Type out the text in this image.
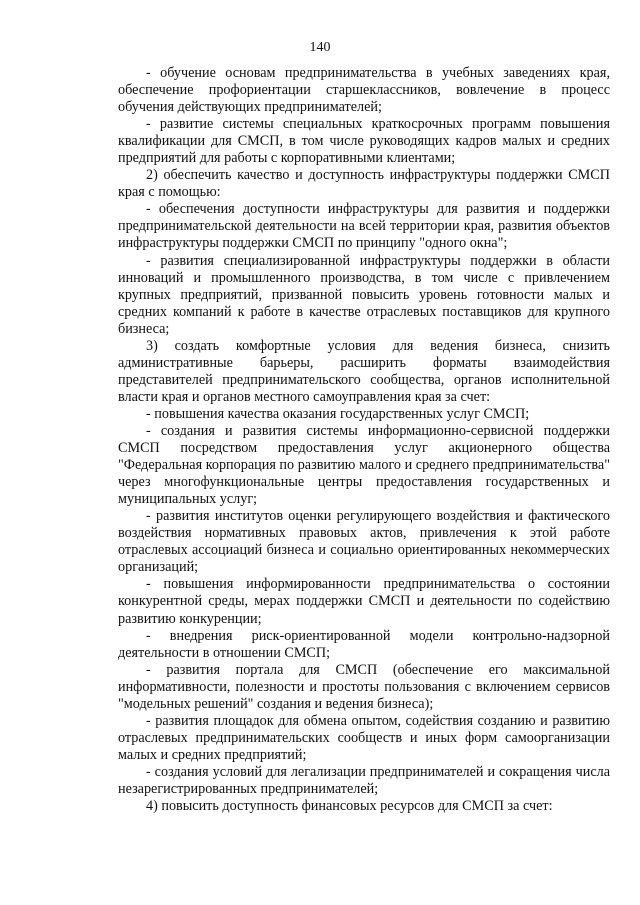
140

- обучение основам предпринимательства в учебных заведениях края, обеспечение профориентации старшеклассников, вовлечение в процесс обучения действующих предпринимателей;

- развитие системы специальных краткосрочных программ повышения квалификации для СМСП, в том числе руководящих кадров малых и средних предприятий для работы с корпоративными клиентами;

2) обеспечить качество и доступность инфраструктуры поддержки СМСП края с помощью:

- обеспечения доступности инфраструктуры для развития и поддержки предпринимательской деятельности на всей территории края, развития объектов инфраструктуры поддержки СМСП по принципу "одного окна";

- развития специализированной инфраструктуры поддержки в области инноваций и промышленного производства, в том числе с привлечением крупных предприятий, призванной повысить уровень готовности малых и средних компаний к работе в качестве отраслевых поставщиков для крупного бизнеса;

3) создать комфортные условия для ведения бизнеса, снизить административные барьеры, расширить форматы взаимодействия представителей предпринимательского сообщества, органов исполнительной власти края и органов местного самоуправления края за счет:

- повышения качества оказания государственных услуг СМСП;

- создания и развития системы информационно-сервисной поддержки СМСП посредством предоставления услуг акционерного общества "Федеральная корпорация по развитию малого и среднего предпринимательства" через многофункциональные центры предоставления государственных и муниципальных услуг;

- развития институтов оценки регулирующего воздействия и фактического воздействия нормативных правовых актов, привлечения к этой работе отраслевых ассоциаций бизнеса и социально ориентированных некоммерческих организаций;

- повышения информированности предпринимательства о состоянии конкурентной среды, мерах поддержки СМСП и деятельности по содействию развитию конкуренции;

- внедрения риск-ориентированной модели контрольно-надзорной деятельности в отношении СМСП;

- развития портала для СМСП (обеспечение его максимальной информативности, полезности и простоты пользования с включением сервисов "модельных решений" создания и ведения бизнеса);

- развития площадок для обмена опытом, содействия созданию и развитию отраслевых предпринимательских сообществ и иных форм самоорганизации малых и средних предприятий;

- создания условий для легализации предпринимателей и сокращения числа незарегистрированных предпринимателей;

4) повысить доступность финансовых ресурсов для СМСП за счет:
